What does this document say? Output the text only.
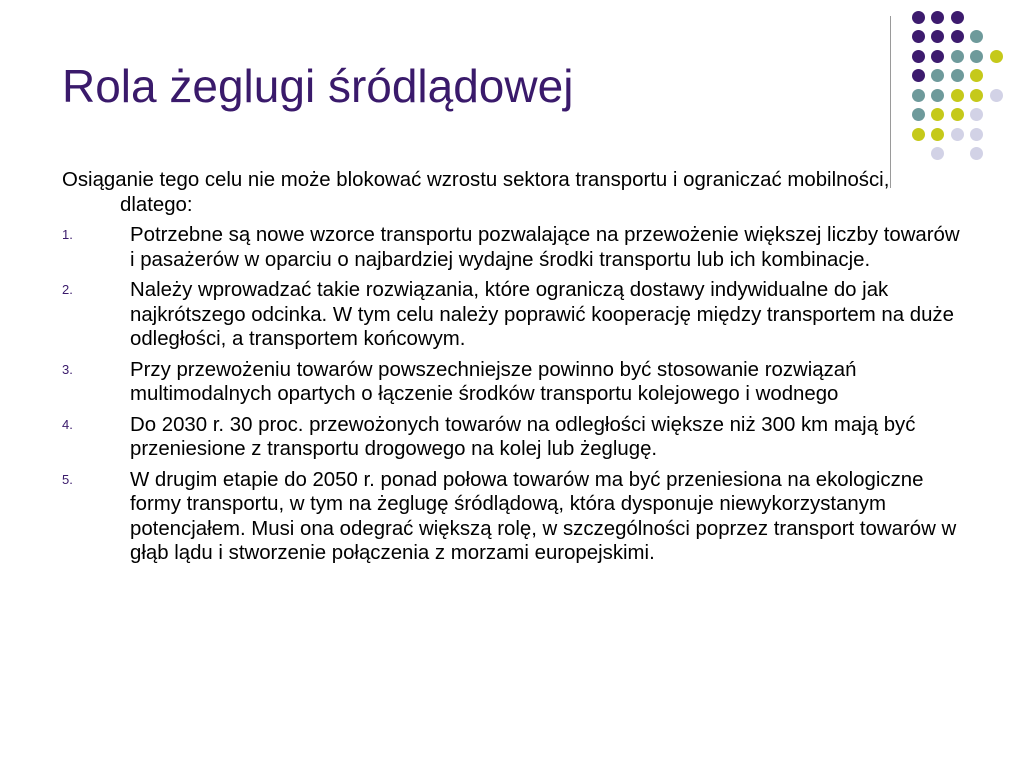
Rola żeglugi śródlądowej

Osiąganie tego celu nie może blokować wzrostu sektora transportu i ograniczać mobilności, dlatego:

1.	Potrzebne są nowe wzorce transportu pozwalające na przewożenie większej liczby towarów i pasażerów w oparciu o najbardziej wydajne środki transportu lub ich kombinacje.
2.	Należy wprowadzać takie rozwiązania, które ograniczą dostawy indywidualne do jak najkrótszego odcinka. W tym celu należy poprawić kooperację między transportem na duże odległości, a transportem końcowym.
3.	Przy przewożeniu towarów powszechniejsze powinno być stosowanie rozwiązań multimodalnych opartych o łączenie środków transportu kolejowego i wodnego
4.	Do 2030 r. 30 proc. przewożonych towarów na odległości większe niż 300 km mają być przeniesione z transportu drogowego na kolej lub żeglugę.
5.	W drugim etapie do 2050 r. ponad połowa towarów ma być przeniesiona na ekologiczne formy transportu, w tym na żeglugę śródlądową, która dysponuje niewykorzystanym potencjałem. Musi ona odegrać większą rolę, w szczególności poprzez transport towarów w głąb lądu i stworzenie połączenia z morzami europejskimi.
